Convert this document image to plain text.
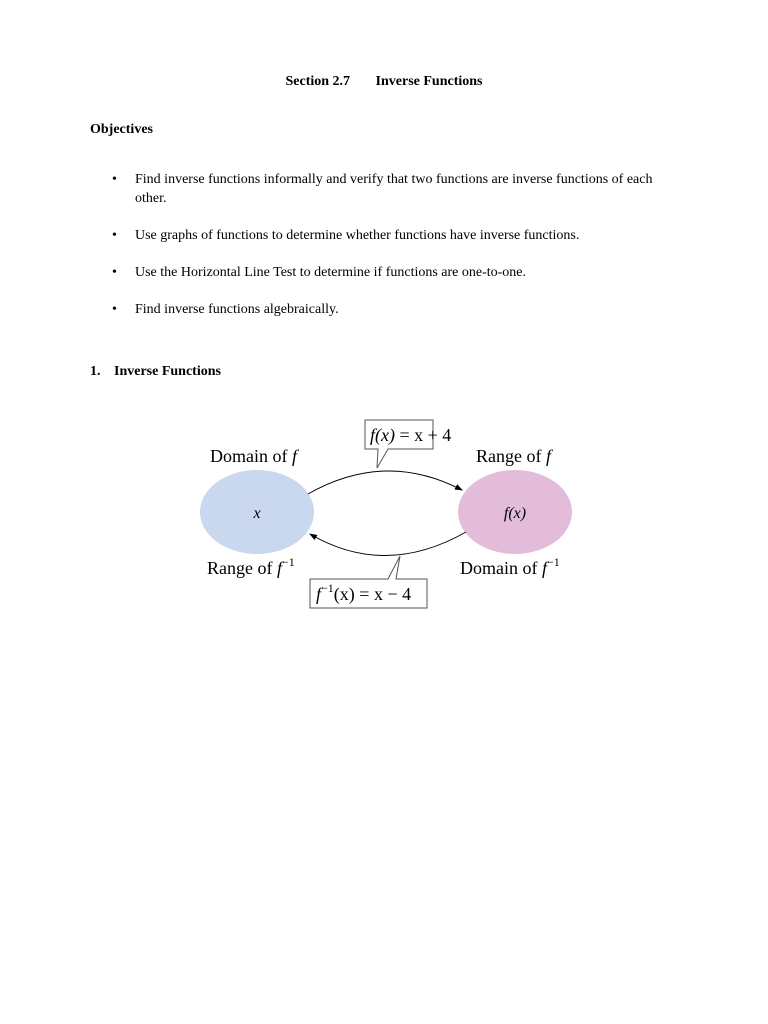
Section 2.7 Inverse Functions
Objectives
• Find inverse functions informally and verify that two functions are inverse functions of each other.
• Use graphs of functions to determine whether functions have inverse functions.
• Use the Horizontal Line Test to determine if functions are one-to-one.
• Find inverse functions algebraically.
1. Inverse Functions
x	f(x)
Domain of f	Range of f
Range of $f^{-1}$	Domain of $f^{-1}$
f(x) = x + 4
$f^{-1}(x) = x - 4$
